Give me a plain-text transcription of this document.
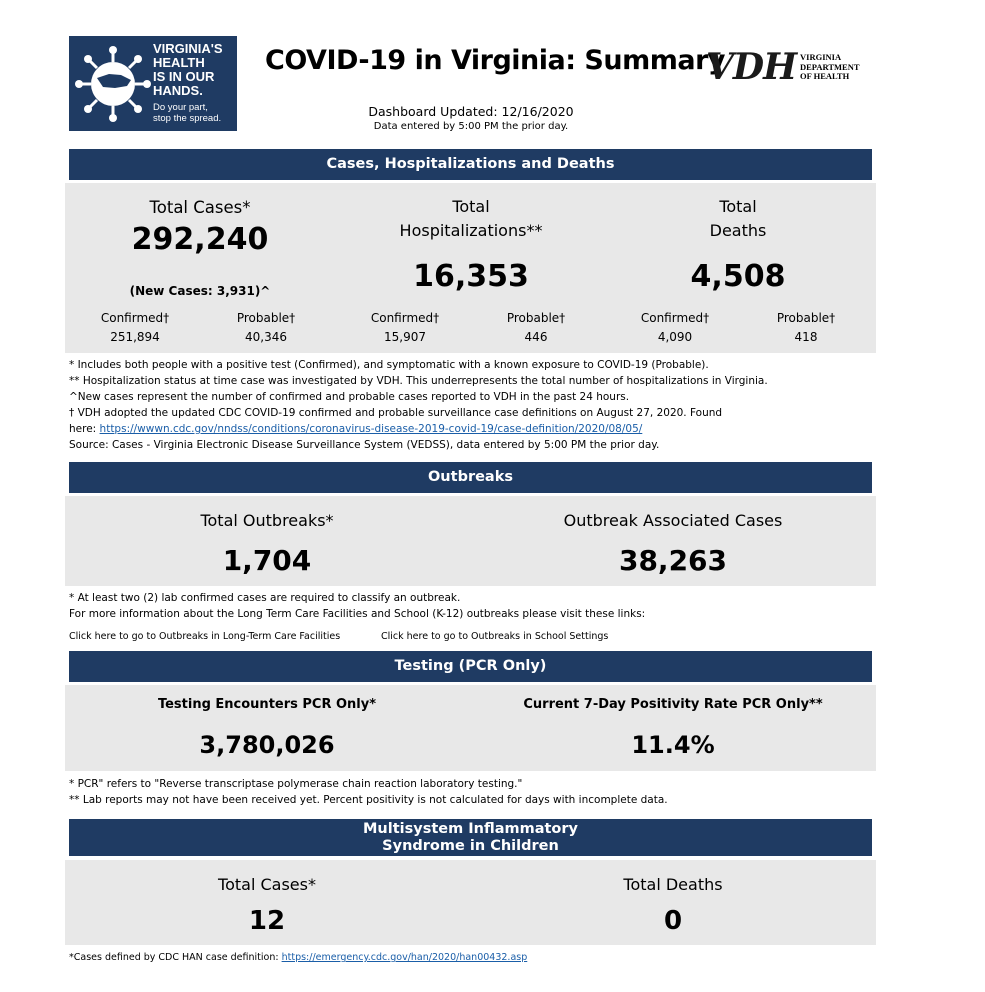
VIRGINIA'S
HEALTH
IS IN OUR
HANDS.
Do your part,
stop the spread.
COVID-19 in Virginia: Summary
VDH VIRGINIA
DEPARTMENT
OF HEALTH
Dashboard Updated: 12/16/2020
Data entered by 5:00 PM the prior day.
Cases, Hospitalizations and Deaths
Total Cases*
292,240
(New Cases: 3,931)^
Total
Hospitalizations**
16,353
Total
Deaths
4,508
Confirmed†
251,894
Probable†
40,346
Confirmed†
15,907
Probable†
446
Confirmed†
4,090
Probable†
418
* Includes both people with a positive test (Confirmed), and symptomatic with a known exposure to COVID-19 (Probable).
** Hospitalization status at time case was investigated by VDH. This underrepresents the total number of hospitalizations in Virginia.
^New cases represent the number of confirmed and probable cases reported to VDH in the past 24 hours.
† VDH adopted the updated CDC COVID-19 confirmed and probable surveillance case definitions on August 27, 2020. Found
here: https://wwwn.cdc.gov/nndss/conditions/coronavirus-disease-2019-covid-19/case-definition/2020/08/05/
Source: Cases - Virginia Electronic Disease Surveillance System (VEDSS), data entered by 5:00 PM the prior day.
Outbreaks
Total Outbreaks*
1,704
Outbreak Associated Cases
38,263
* At least two (2) lab confirmed cases are required to classify an outbreak.
For more information about the Long Term Care Facilities and School (K-12) outbreaks please visit these links:
Click here to go to Outbreaks in Long-Term Care Facilities	Click here to go to Outbreaks in School Settings
Testing (PCR Only)
Testing Encounters PCR Only*
3,780,026
Current 7-Day Positivity Rate PCR Only**
11.4%
* PCR" refers to "Reverse transcriptase polymerase chain reaction laboratory testing."
** Lab reports may not have been received yet. Percent positivity is not calculated for days with incomplete data.
Multisystem Inflammatory
Syndrome in Children
Total Cases*
12
Total Deaths
0
*Cases defined by CDC HAN case definition: https://emergency.cdc.gov/han/2020/han00432.asp
